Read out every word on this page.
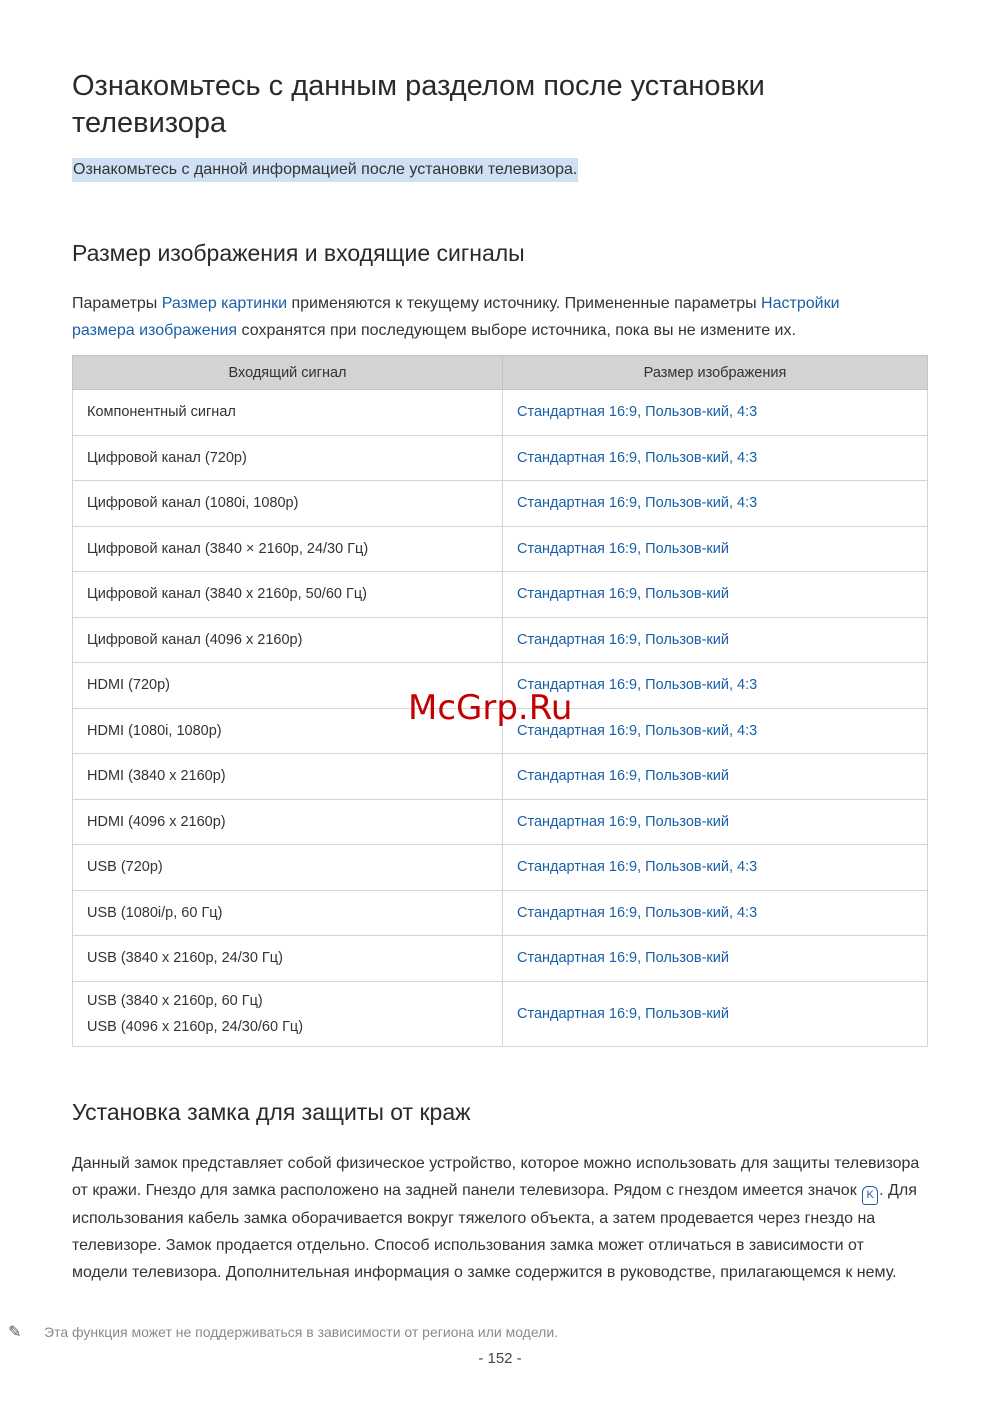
Ознакомьтесь с данным разделом после установки телевизора
Ознакомьтесь с данной информацией после установки телевизора.
Размер изображения и входящие сигналы

Параметры Размер картинки применяются к текущему источнику. Примененные параметры Настройки
размера изображения сохранятся при последующем выборе источника, пока вы не измените их.

Входящий сигнал	Размер изображения
Компонентный сигнал	Стандартная 16:9, Пользов-кий, 4:3
Цифровой канал (720p)	Стандартная 16:9, Пользов-кий, 4:3
Цифровой канал (1080i, 1080p)	Стандартная 16:9, Пользов-кий, 4:3
Цифровой канал (3840 × 2160p, 24/30 Гц)	Стандартная 16:9, Пользов-кий
Цифровой канал (3840 x 2160p, 50/60 Гц)	Стандартная 16:9, Пользов-кий
Цифровой канал (4096 x 2160p)	Стандартная 16:9, Пользов-кий
HDMI (720p)	Стандартная 16:9, Пользов-кий, 4:3
HDMI (1080i, 1080p)	Стандартная 16:9, Пользов-кий, 4:3
HDMI (3840 x 2160p)	Стандартная 16:9, Пользов-кий
HDMI (4096 x 2160p)	Стандартная 16:9, Пользов-кий
USB (720p)	Стандартная 16:9, Пользов-кий, 4:3
USB (1080i/p, 60 Гц)	Стандартная 16:9, Пользов-кий, 4:3
USB (3840 x 2160p, 24/30 Гц)	Стандартная 16:9, Пользов-кий

USB (3840 x 2160p, 60 Гц)
USB (4096 x 2160p, 24/30/60 Гц)	Стандартная 16:9, Пользов-кий
Установка замка для защиты от краж

Данный замок представляет собой физическое устройство, которое можно использовать для защиты телевизора от кражи. Гнездо для замка расположено на задней панели телевизора. Рядом с гнездом имеется значок K . Для использования кабель замка оборачивается вокруг тяжелого объекта, а затем продевается через гнездо на телевизоре. Замок продается отдельно. Способ использования замка может отличаться в зависимости от модели телевизора. Дополнительная информация о замке содержится в руководстве, прилагающемся к нему.

✎ Эта функция может не поддерживаться в зависимости от региона или модели.
- 152 -
McGrp.Ru
